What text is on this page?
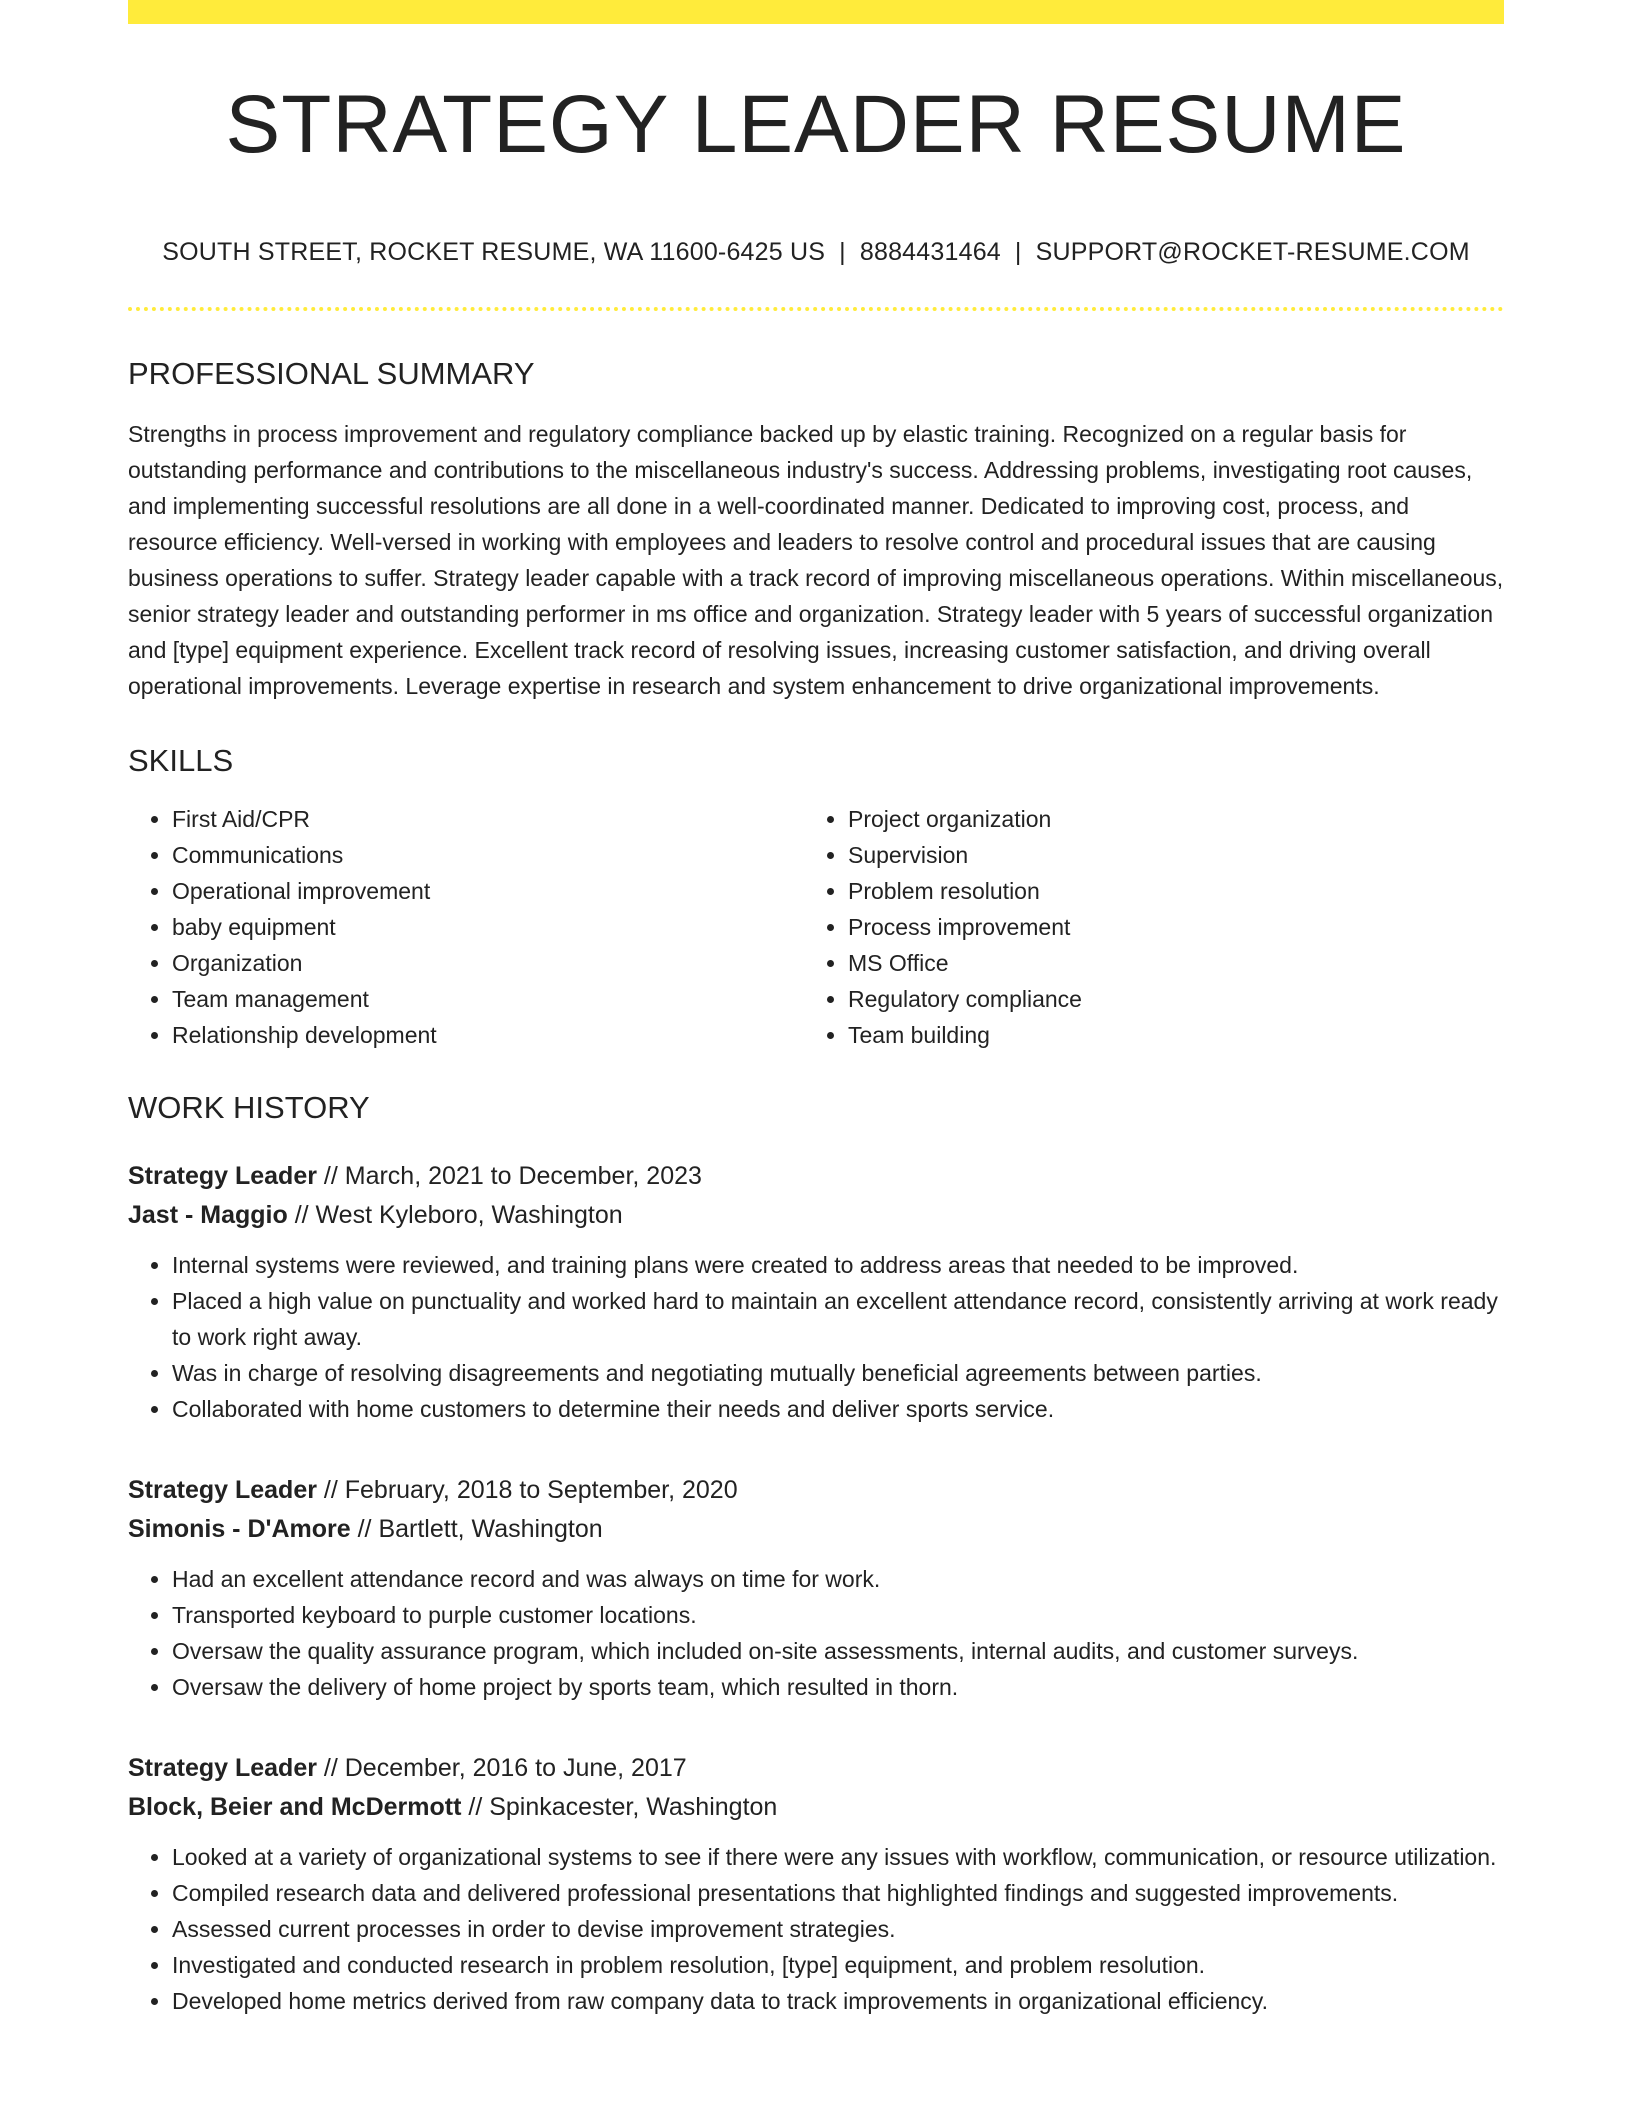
STRATEGY LEADER RESUME
SOUTH STREET, ROCKET RESUME, WA 11600-6425 US | 8884431464 | SUPPORT@ROCKET-RESUME.COM
PROFESSIONAL SUMMARY

Strengths in process improvement and regulatory compliance backed up by elastic training. Recognized on a regular basis for outstanding performance and contributions to the miscellaneous industry's success. Addressing problems, investigating root causes, and implementing successful resolutions are all done in a well-coordinated manner. Dedicated to improving cost, process, and resource efficiency. Well-versed in working with employees and leaders to resolve control and procedural issues that are causing business operations to suffer. Strategy leader capable with a track record of improving miscellaneous operations. Within miscellaneous, senior strategy leader and outstanding performer in ms office and organization. Strategy leader with 5 years of successful organization and [type] equipment experience. Excellent track record of resolving issues, increasing customer satisfaction, and driving overall operational improvements. Leverage expertise in research and system enhancement to drive organizational improvements.

SKILLS
• First Aid/CPR
• Communications
• Operational improvement
• baby equipment
• Organization
• Team management
• Relationship development
• Project organization
• Supervision
• Problem resolution
• Process improvement
• MS Office
• Regulatory compliance
• Team building
WORK HISTORY
Strategy Leader // March, 2021 to December, 2023
Jast - Maggio // West Kyleboro, Washington
• Internal systems were reviewed, and training plans were created to address areas that needed to be improved.
• Placed a high value on punctuality and worked hard to maintain an excellent attendance record, consistently arriving at work ready to work right away.
• Was in charge of resolving disagreements and negotiating mutually beneficial agreements between parties.
• Collaborated with home customers to determine their needs and deliver sports service.
Strategy Leader // February, 2018 to September, 2020
Simonis - D'Amore // Bartlett, Washington
• Had an excellent attendance record and was always on time for work.
• Transported keyboard to purple customer locations.
• Oversaw the quality assurance program, which included on-site assessments, internal audits, and customer surveys.
• Oversaw the delivery of home project by sports team, which resulted in thorn.
Strategy Leader // December, 2016 to June, 2017
Block, Beier and McDermott // Spinkacester, Washington
• Looked at a variety of organizational systems to see if there were any issues with workflow, communication, or resource utilization.
• Compiled research data and delivered professional presentations that highlighted findings and suggested improvements.
• Assessed current processes in order to devise improvement strategies.
• Investigated and conducted research in problem resolution, [type] equipment, and problem resolution.
• Developed home metrics derived from raw company data to track improvements in organizational efficiency.
